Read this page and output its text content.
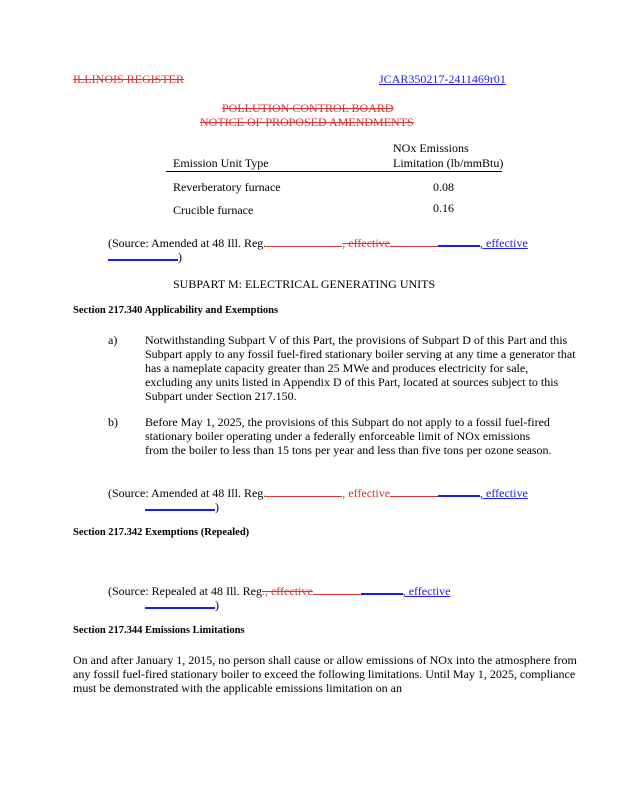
ILLINOIS REGISTER	JCAR350217-2411469r01
POLLUTION CONTROL BOARD
NOTICE OF PROPOSED AMENDMENTS
NOx Emissions
Emission Unit Type	Limitation (lb/mmBtu)
Reverberatory furnace	0.08
Crucible furnace	0.16
(Source: Amended at 48 Ill. Reg.	, effective	, effective
)
SUBPART M: ELECTRICAL GENERATING UNITS
Section 217.340 Applicability and Exemptions
a) Notwithstanding Subpart V of this Part, the provisions of Subpart D of this Part and this Subpart apply to any fossil fuel-fired stationary boiler serving at any time a generator that has a nameplate capacity greater than 25 MWe and produces electricity for sale, excluding any units listed in Appendix D of this Part, located at sources subject to this Subpart under Section 217.150.
b) Before May 1, 2025, the provisions of this Subpart do not apply to a fossil fuel-fired stationary boiler operating under a federally enforceable limit of NOx emissions from the boiler to less than 15 tons per year and less than five tons per ozone season.
(Source: Amended at 48 Ill. Reg.	, effective	, effective
)
Section 217.342 Exemptions (Repealed)
(Source: Repealed at 48 Ill. Reg., effective	, effective
)
Section 217.344 Emissions Limitations
On and after January 1, 2015, no person shall cause or allow emissions of NOx into the atmosphere from any fossil fuel-fired stationary boiler to exceed the following limitations. Until May 1, 2025, compliance must be demonstrated with the applicable emissions limitation on an
